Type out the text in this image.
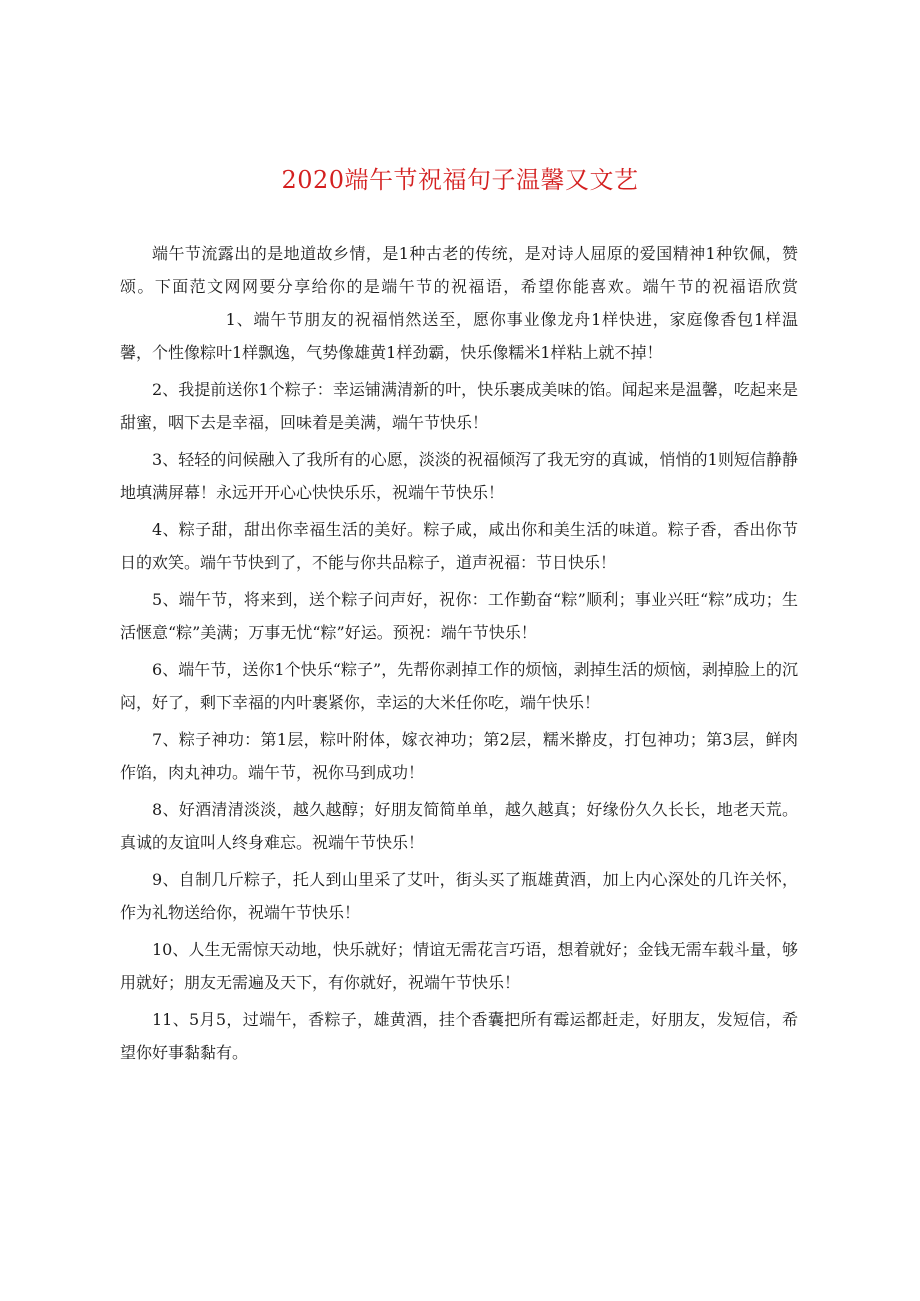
2020端午节祝福句子温馨又文艺

端午节流露出的是地道故乡情，是1种古老的传统，是对诗人屈原的爱国精神1种钦佩，赞颂。下面范文网网要分享给你的是端午节的祝福语，希望你能喜欢。端午节的祝福语欣赏1、端午节朋友的祝福悄然送至，愿你事业像龙舟1样快进，家庭像香包1样温馨，个性像粽叶1样飘逸，气势像雄黄1样劲霸，快乐像糯米1样粘上就不掉！

2、我提前送你1个粽子：幸运铺满清新的叶，快乐裹成美味的馅。闻起来是温馨，吃起来是甜蜜，咽下去是幸福，回味着是美满，端午节快乐！

3、轻轻的问候融入了我所有的心愿，淡淡的祝福倾泻了我无穷的真诚，悄悄的1则短信静静地填满屏幕！永远开开心心快快乐乐，祝端午节快乐！

4、粽子甜，甜出你幸福生活的美好。粽子咸，咸出你和美生活的味道。粽子香，香出你节日的欢笑。端午节快到了，不能与你共品粽子，道声祝福：节日快乐！

5、端午节，将来到，送个粽子问声好，祝你：工作勤奋“粽”顺利；事业兴旺“粽”成功；生活惬意“粽”美满；万事无忧“粽”好运。预祝：端午节快乐！

6、端午节，送你1个快乐“粽子”，先帮你剥掉工作的烦恼，剥掉生活的烦恼，剥掉脸上的沉闷，好了，剩下幸福的内叶裹紧你，幸运的大米任你吃，端午快乐！

7、粽子神功：第1层，粽叶附体，嫁衣神功；第2层，糯米擀皮，打包神功；第3层，鲜肉作馅，肉丸神功。端午节，祝你马到成功！

8、好酒清清淡淡，越久越醇；好朋友简简单单，越久越真；好缘份久久长长，地老天荒。真诚的友谊叫人终身难忘。祝端午节快乐！

9、自制几斤粽子，托人到山里采了艾叶，街头买了瓶雄黄酒，加上内心深处的几许关怀，作为礼物送给你，祝端午节快乐！

10、人生无需惊天动地，快乐就好；情谊无需花言巧语，想着就好；金钱无需车载斗量，够用就好；朋友无需遍及天下，有你就好，祝端午节快乐！

11、5月5，过端午，香粽子，雄黄酒，挂个香囊把所有霉运都赶走，好朋友，发短信，希望你好事黏黏有。
